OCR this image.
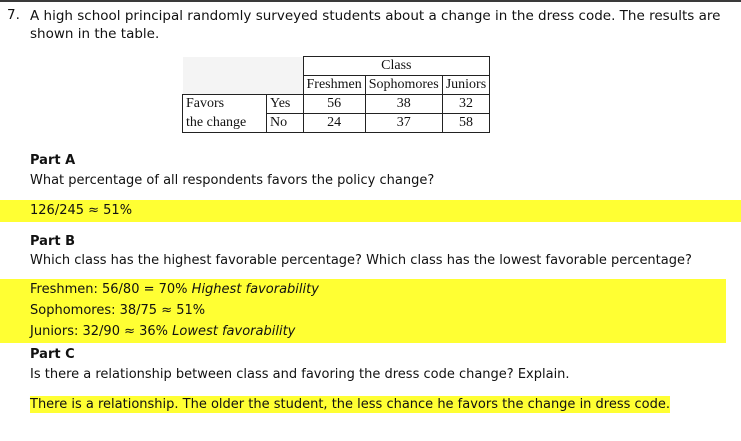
7. A high school principal randomly surveyed students about a change in the dress code. The results are shown in the table.
		Class		
		Freshmen	Sophomores	Juniors
Favors	Yes	56	38	32
the change	No	24	37	58
Part A
What percentage of all respondents favors the policy change?
126/245 ≈ 51%
Part B
Which class has the highest favorable percentage? Which class has the lowest favorable percentage?
Freshmen: 56/80 = 70% Highest favorability
Sophomores: 38/75 ≈ 51%
Juniors: 32/90 ≈ 36% Lowest favorability
Part C
Is there a relationship between class and favoring the dress code change? Explain.
There is a relationship. The older the student, the less chance he favors the change in dress code.
